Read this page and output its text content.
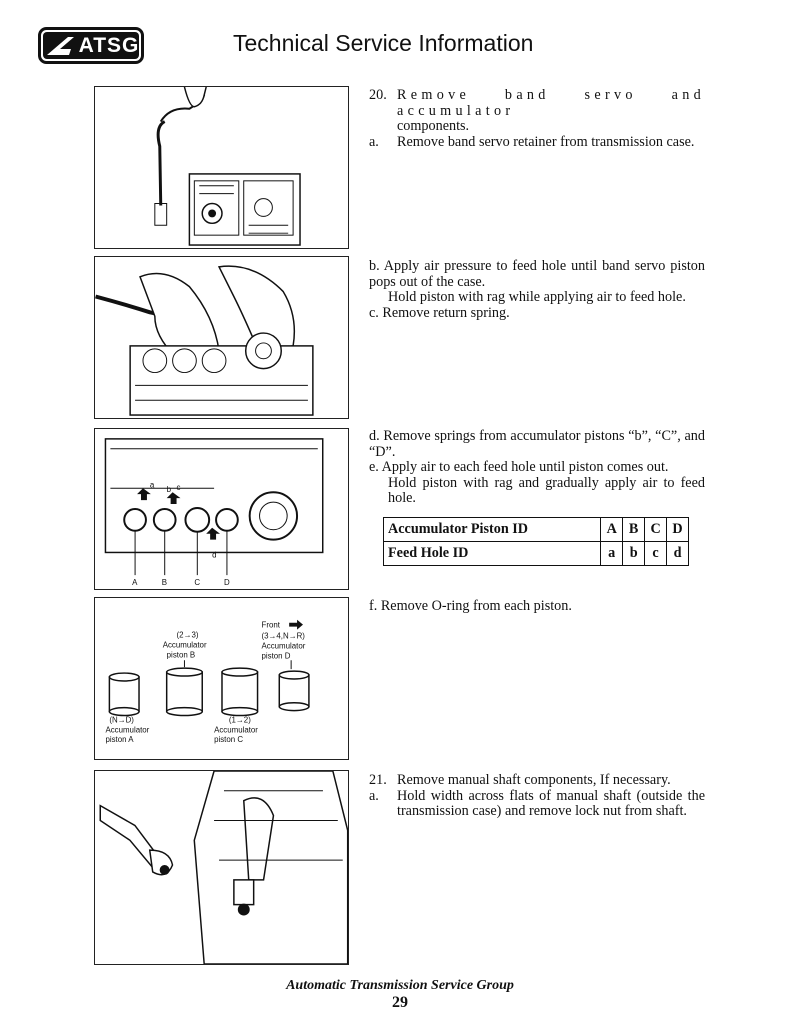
ATSG	Technical Service Information
a
b c
d
A	B	C	D
Front
(2→3)
Accumulator
piston B
(3→4,N→R)
Accumulator
piston D
(N→D)
Accumulator
piston A
(1→2)
Accumulator
piston C
20. Remove band servo and accumulator
components.
a.	Remove band servo retainer from transmission case.
b. Apply air pressure to feed hole until band servo piston pops out of the case.
Hold piston with rag while applying air to feed hole.
c. Remove return spring.
d. Remove springs from accumulator pistons “b”, “C”, and “D”.
e. Apply air to each feed hole until piston comes out.
Hold piston with rag and gradually apply air to feed hole.
Accumulator Piston ID	A	B	C	D
Feed Hole ID	a	b	c	d
f. Remove O-ring from each piston.
21. Remove manual shaft components, If necessary.
a.	Hold width across flats of manual shaft (outside the transmission case) and remove lock nut from shaft.
Automatic Transmission Service Group
29
